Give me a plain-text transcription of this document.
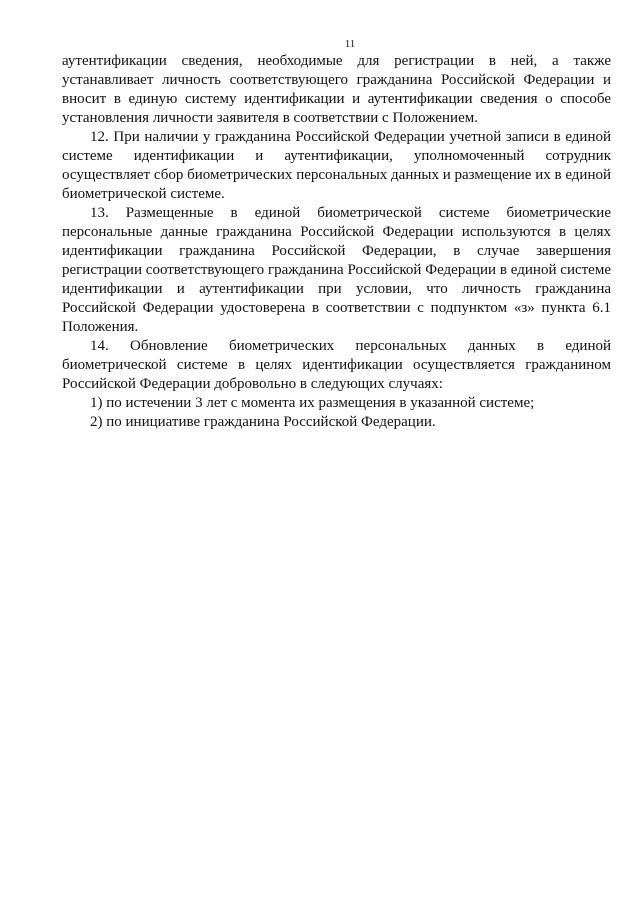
11

аутентификации сведения, необходимые для регистрации в ней, а также устанавливает личность соответствующего гражданина Российской Федерации и вносит в единую систему идентификации и аутентификации сведения о способе установления личности заявителя в соответствии с Положением.

12. При наличии у гражданина Российской Федерации учетной записи в единой системе идентификации и аутентификации, уполномоченный сотрудник осуществляет сбор биометрических персональных данных и размещение их в единой биометрической системе.

13. Размещенные в единой биометрической системе биометрические персональные данные гражданина Российской Федерации используются в целях идентификации гражданина Российской Федерации, в случае завершения регистрации соответствующего гражданина Российской Федерации в единой системе идентификации и аутентификации при условии, что личность гражданина Российской Федерации удостоверена в соответствии с подпунктом «з» пункта 6.1 Положения.

14. Обновление биометрических персональных данных в единой биометрической системе в целях идентификации осуществляется гражданином Российской Федерации добровольно в следующих случаях:

1) по истечении 3 лет с момента их размещения в указанной системе;

2) по инициативе гражданина Российской Федерации.
